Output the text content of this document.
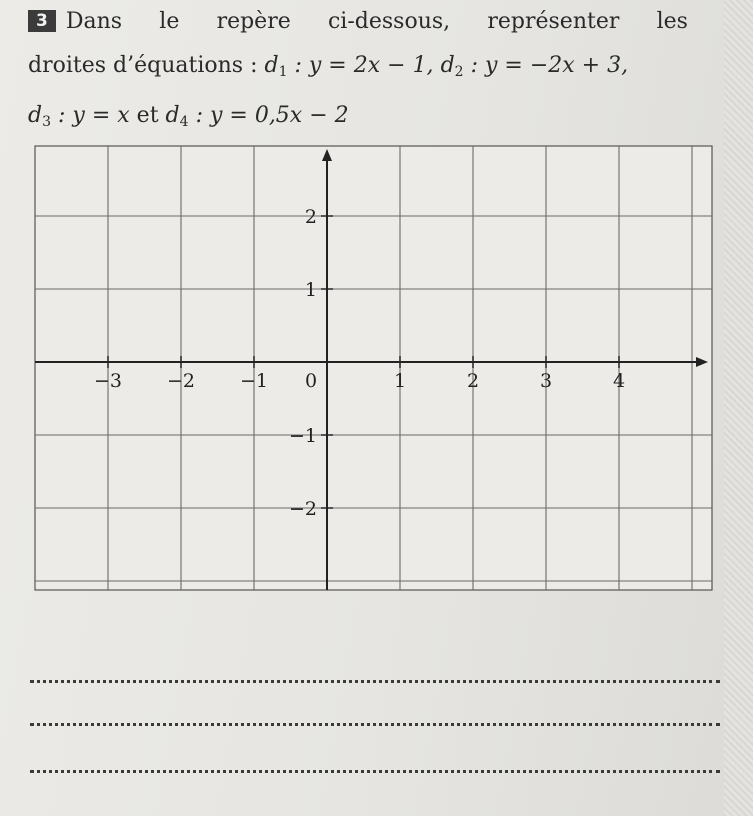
3 Dans le repère ci-dessous, représenter les
droites d’équations : $d_1$ : y = 2x − 1, $d_2$ : y = −2x + 3,
$d_3$ : y = x et $d_4$ : y = 0,5x − 2
−3 −2 −1 0	1	2	3	4
2
1
−1
−2
